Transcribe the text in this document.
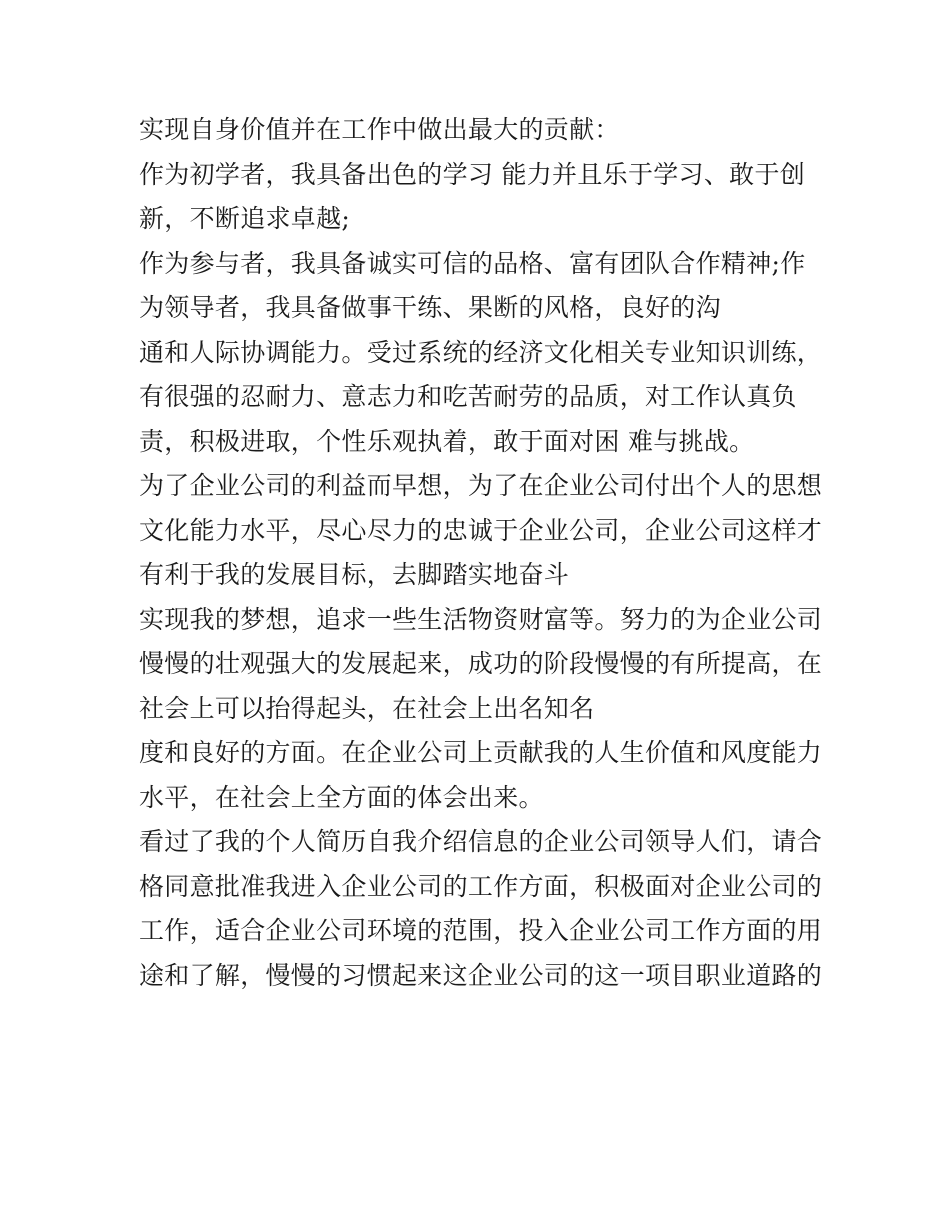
实现自身价值并在工作中做出最大的贡献：
作为初学者，我具备出色的学习 能力并且乐于学习、敢于创
新，不断追求卓越;
作为参与者，我具备诚实可信的品格、富有团队合作精神;作
为领导者，我具备做事干练、果断的风格，良好的沟
通和人际协调能力。受过系统的经济文化相关专业知识训练，
有很强的忍耐力、意志力和吃苦耐劳的品质，对工作认真负
责，积极进取，个性乐观执着，敢于面对困 难与挑战。
为了企业公司的利益而早想，为了在企业公司付出个人的思想
文化能力水平，尽心尽力的忠诚于企业公司，企业公司这样才
有利于我的发展目标，去脚踏实地奋斗
实现我的梦想，追求一些生活物资财富等。努力的为企业公司
慢慢的壮观强大的发展起来，成功的阶段慢慢的有所提高，在
社会上可以抬得起头，在社会上出名知名
度和良好的方面。在企业公司上贡献我的人生价值和风度能力
水平，在社会上全方面的体会出来。
看过了我的个人简历自我介绍信息的企业公司领导人们，请合
格同意批准我进入企业公司的工作方面，积极面对企业公司的
工作，适合企业公司环境的范围，投入企业公司工作方面的用
途和了解，慢慢的习惯起来这企业公司的这一项目职业道路的
